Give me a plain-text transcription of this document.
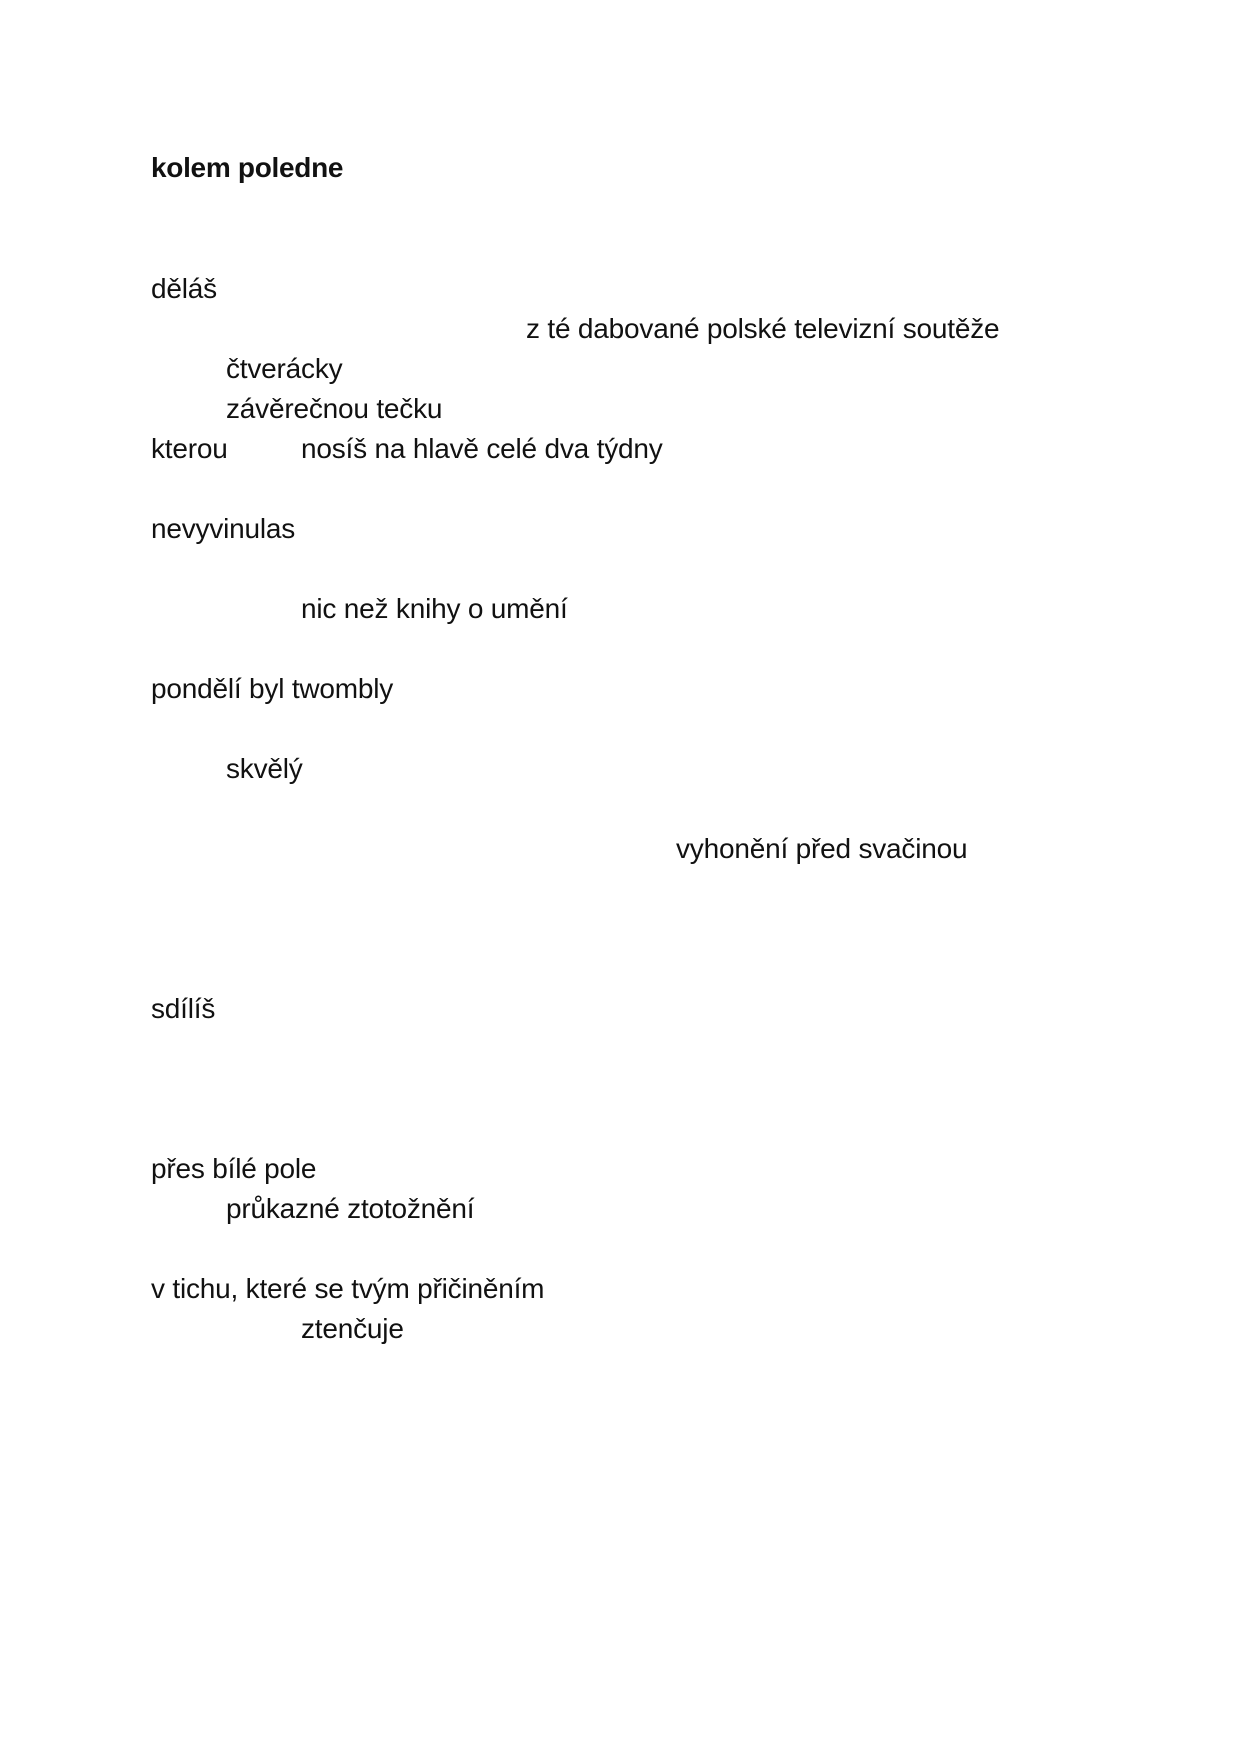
kolem poledne
děláš
z té dabované polské televizní soutěže
čtverácky
závěrečnou tečku
kterou	nosíš na hlavě celé dva týdny
nevyvinulas
nic než knihy o umění
pondělí byl twombly
skvělý
vyhonění před svačinou
sdílíš
přes bílé pole
průkazné ztotožnění
v tichu, které se tvým přičiněním
ztenčuje
